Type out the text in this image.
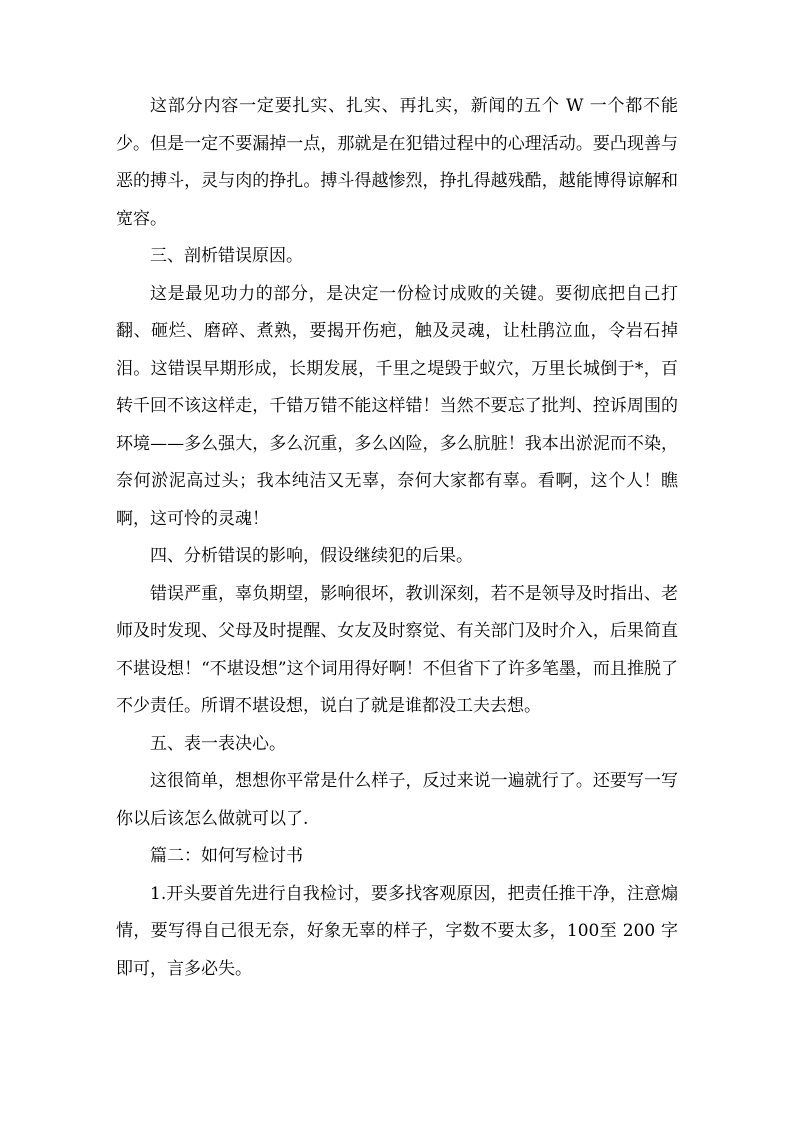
这部分内容一定要扎实、扎实、再扎实，新闻的五个 W 一个都不能少。但是一定不要漏掉一点，那就是在犯错过程中的心理活动。要凸现善与恶的搏斗，灵与肉的挣扎。搏斗得越惨烈，挣扎得越残酷，越能博得谅解和宽容。

三、剖析错误原因。

这是最见功力的部分，是决定一份检讨成败的关键。要彻底把自己打翻、砸烂、磨碎、煮熟，要揭开伤疤，触及灵魂，让杜鹃泣血，令岩石掉泪。这错误早期形成，长期发展，千里之堤毁于蚁穴，万里长城倒于*，百转千回不该这样走，千错万错不能这样错！当然不要忘了批判、控诉周围的环境——多么强大，多么沉重，多么凶险，多么肮脏！我本出淤泥而不染，奈何淤泥高过头；我本纯洁又无辜，奈何大家都有辜。看啊，这个人！瞧啊，这可怜的灵魂！

四、分析错误的影响，假设继续犯的后果。

错误严重，辜负期望，影响很坏，教训深刻，若不是领导及时指出、老师及时发现、父母及时提醒、女友及时察觉、有关部门及时介入，后果简直不堪设想！“不堪设想”这个词用得好啊！不但省下了许多笔墨，而且推脱了不少责任。所谓不堪设想，说白了就是谁都没工夫去想。

五、表一表决心。

这很简单，想想你平常是什么样子，反过来说一遍就行了。还要写一写你以后该怎么做就可以了.

篇二：如何写检讨书

1.开头要首先进行自我检讨，要多找客观原因，把责任推干净，注意煽情，要写得自己很无奈，好象无辜的样子，字数不要太多，100至 200 字即可，言多必失。
